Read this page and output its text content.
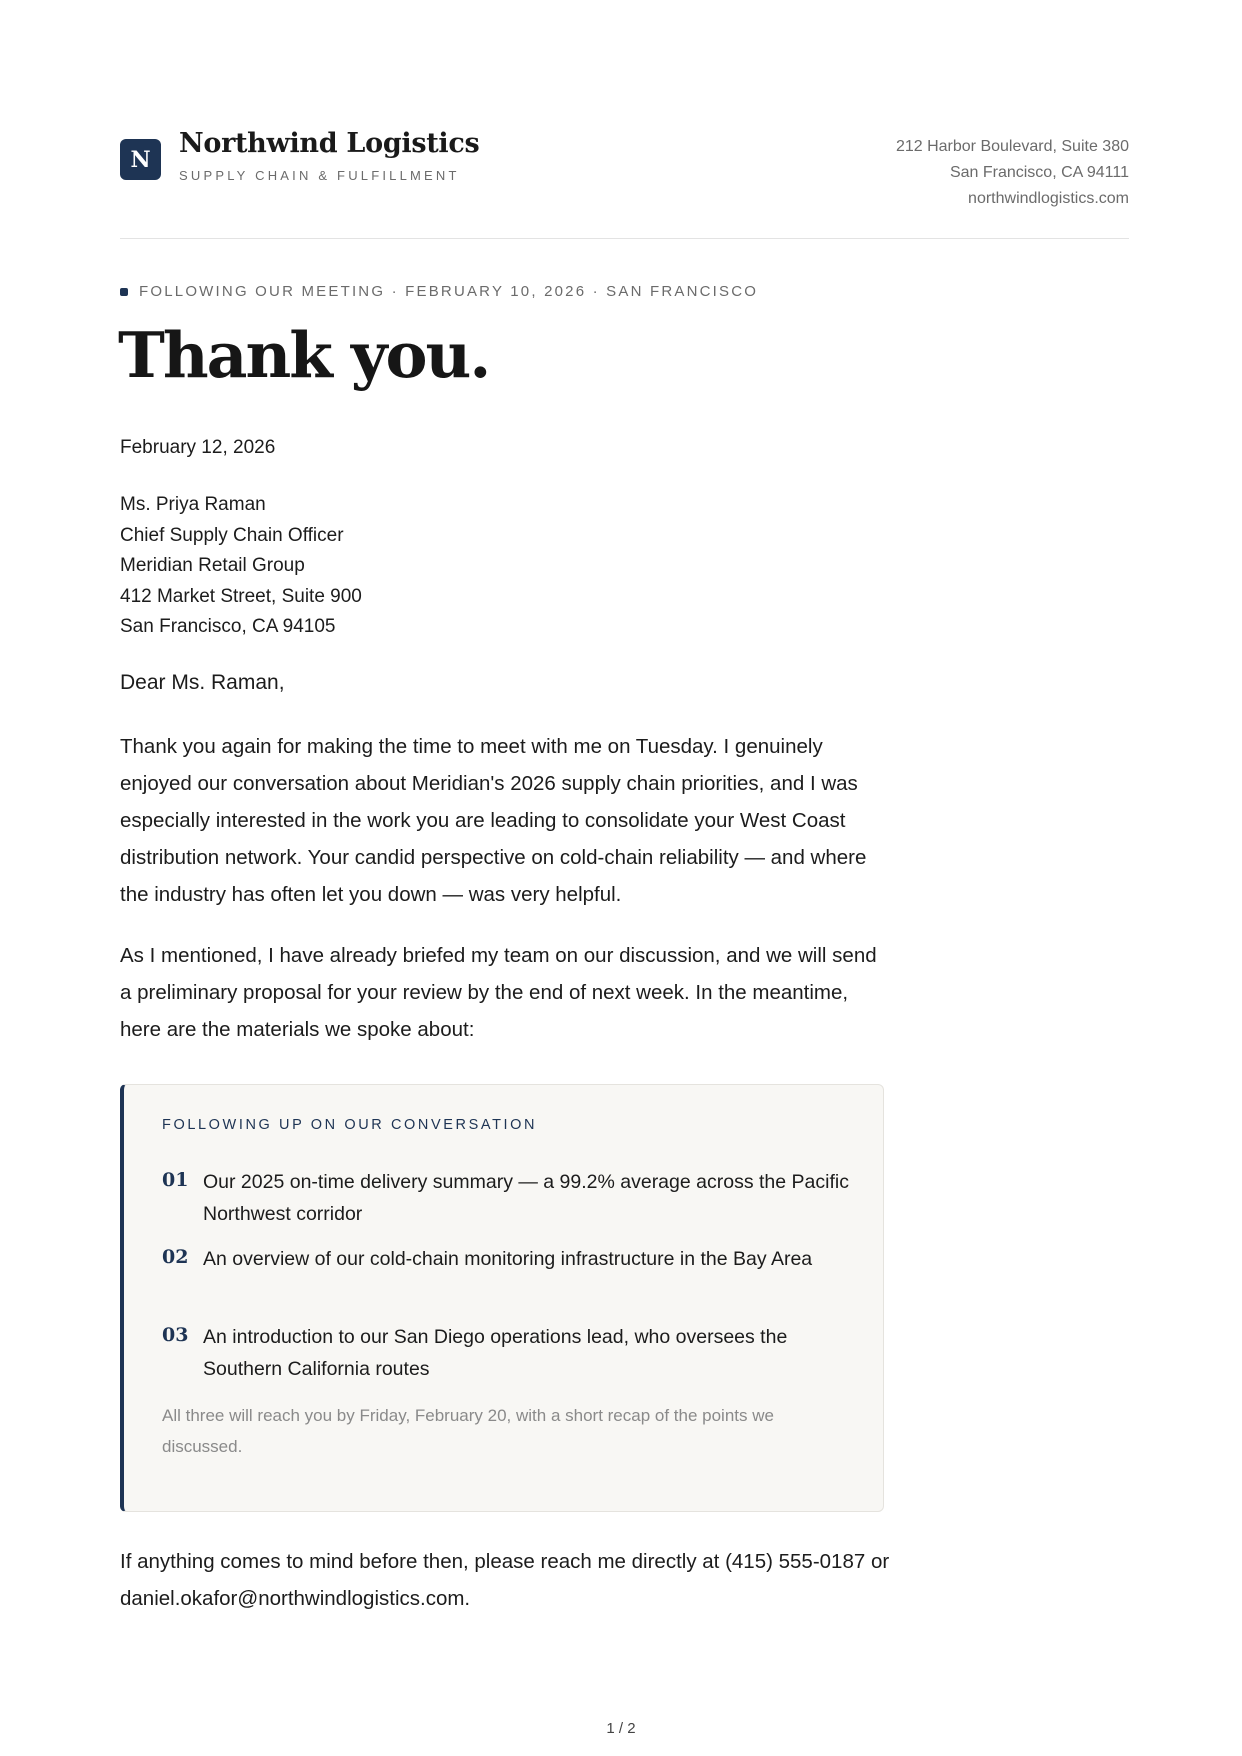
N
Northwind Logistics
SUPPLY CHAIN & FULFILLMENT
212 Harbor Boulevard, Suite 380
San Francisco, CA 94111
northwindlogistics.com
FOLLOWING OUR MEETING · FEBRUARY 10, 2026 · SAN FRANCISCO
Thank you.
February 12, 2026
Ms. Priya Raman
Chief Supply Chain Officer
Meridian Retail Group
412 Market Street, Suite 900
San Francisco, CA 94105
Dear Ms. Raman,
Thank you again for making the time to meet with me on Tuesday. I genuinely enjoyed our conversation about Meridian's 2026 supply chain priorities, and I was especially interested in the work you are leading to consolidate your West Coast distribution network. Your candid perspective on cold-chain reliability — and where the industry has often let you down — was very helpful.
As I mentioned, I have already briefed my team on our discussion, and we will send a preliminary proposal for your review by the end of next week. In the meantime, here are the materials we spoke about:
FOLLOWING UP ON OUR CONVERSATION
01 Our 2025 on-time delivery summary — a 99.2% average across the Pacific Northwest corridor
02 An overview of our cold-chain monitoring infrastructure in the Bay Area
03 An introduction to our San Diego operations lead, who oversees the Southern California routes
All three will reach you by Friday, February 20, with a short recap of the points we discussed.
If anything comes to mind before then, please reach me directly at (415) 555-0187 or daniel.okafor@northwindlogistics.com.
1 / 2
